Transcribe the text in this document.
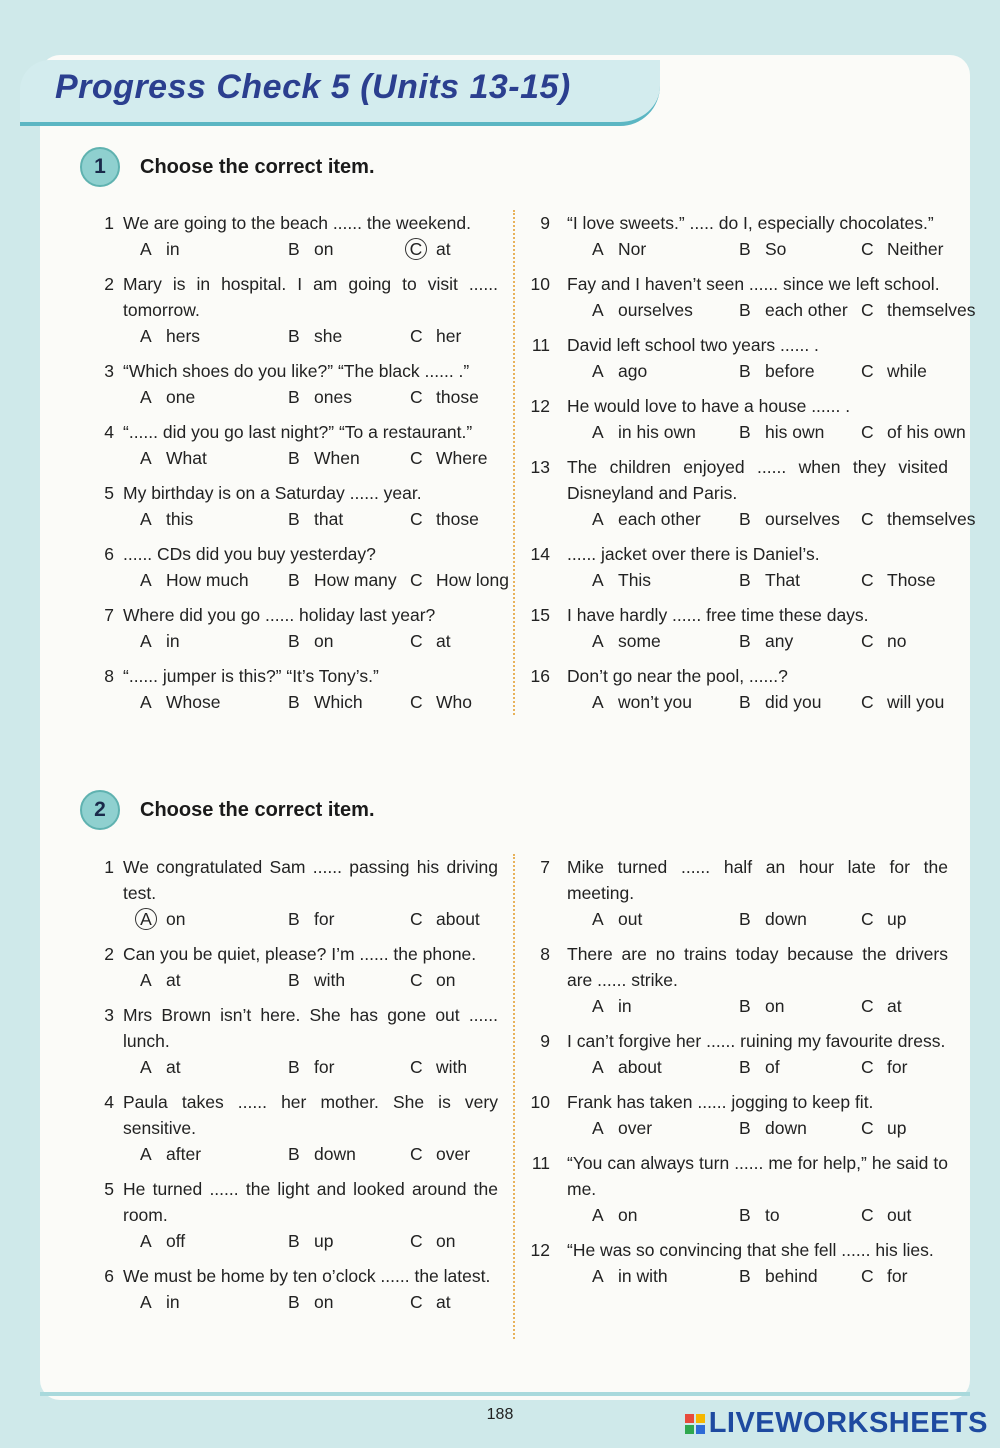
Progress Check 5 (Units 13-15)
1	Choose the correct item.
1 We are going to the beach ...... the weekend.
A in	B on	C at
2 Mary is in hospital. I am going to visit ...... tomorrow.
A hers	B she	C her
3 “Which shoes do you like?” “The black ...... .”
A one	B ones	C those
4 “...... did you go last night?” “To a restaurant.”
A What	B When	C Where
5 My birthday is on a Saturday ...... year.
A this	B that	C those
6 ...... CDs did you buy yesterday?
A How much B How many C How long
7 Where did you go ...... holiday last year?
A in	B on	C at
8 “...... jumper is this?” “It’s Tony’s.”
A Whose	B Which	C Who
9 “I love sweets.” ..... do I, especially chocolates.”
A Nor	B So	C Neither
10 Fay and I haven’t seen ...... since we left school.
A ourselves	B each other C themselves
11 David left school two years ...... .
A ago	B before	C while
12 He would love to have a house ...... .
A in his own B his own C of his own
13 The children enjoyed ...... when they visited Disneyland and Paris.
A each other B ourselves C themselves
14 ...... jacket over there is Daniel’s.
A This	B That	C Those
15 I have hardly ...... free time these days.
A some	B any	C no
16 Don’t go near the pool, ......?
A won’t you	B did you C will you
2	Choose the correct item.
1 We congratulated Sam ...... passing his driving test.
A on	B for	C about
2 Can you be quiet, please? I’m ...... the phone.
A at	B with	C on
3 Mrs Brown isn’t here. She has gone out ...... lunch.
A at	B for	C with
4 Paula takes ...... her mother. She is very sensitive.
A after	B down	C over
5 He turned ...... the light and looked around the room.
A off	B up	C on
6 We must be home by ten o’clock ...... the latest.
A in	B on	C at
7 Mike turned ...... half an hour late for the meeting.
A out	B down	C up
8 There are no trains today because the drivers are ...... strike.
A in	B on	C at
9 I can’t forgive her ...... ruining my favourite dress.
A about	B of	C for
10 Frank has taken ...... jogging to keep fit.
A over	B down	C up
11 “You can always turn ...... me for help,” he said to me.
A on	B to	C out
12 “He was so convincing that she fell ...... his lies.
A in with	B behind C for
188	LIVEWORKSHEETS
